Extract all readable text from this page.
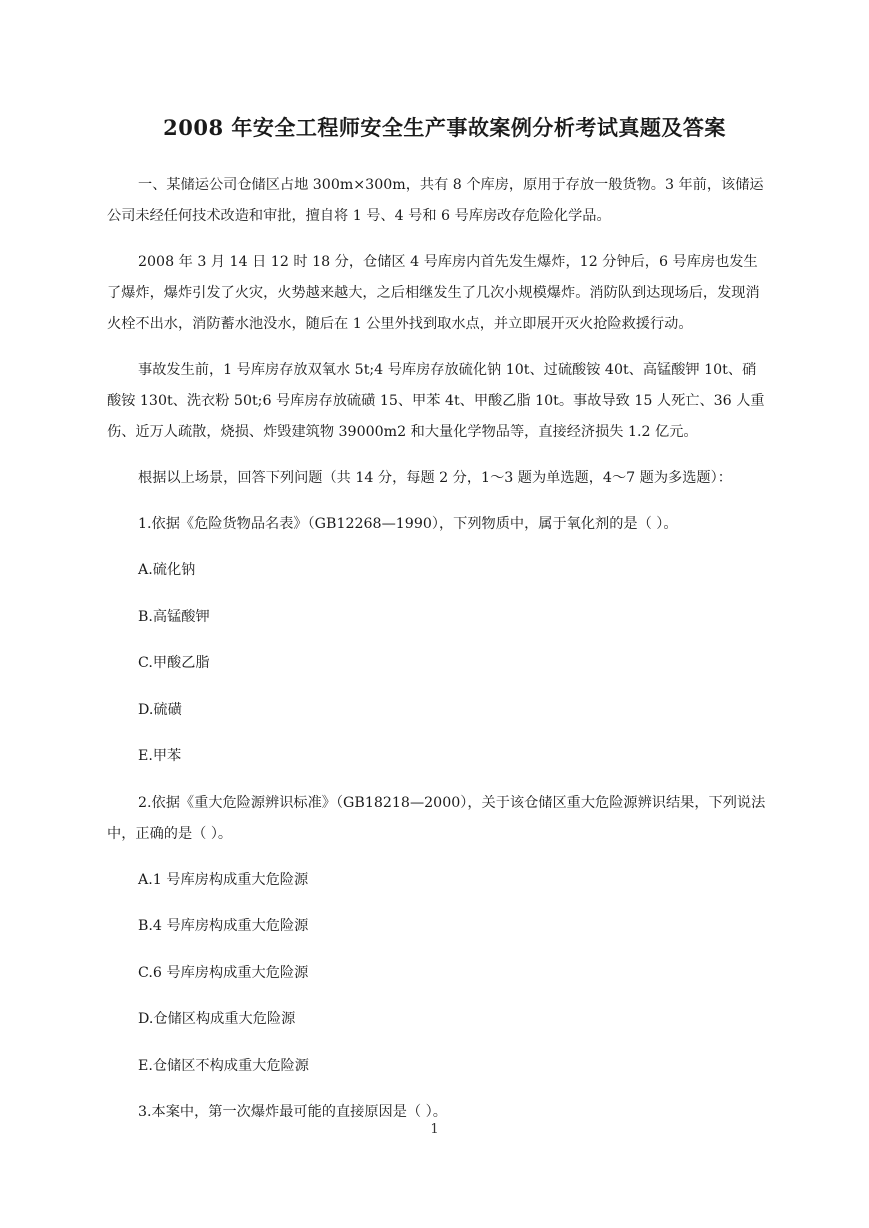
2008 年安全工程师安全生产事故案例分析考试真题及答案

一、某储运公司仓储区占地 300m×300m，共有 8 个库房，原用于存放一般货物。3 年前，该储运公司未经任何技术改造和审批，擅自将 1 号、4 号和 6 号库房改存危险化学品。

2008 年 3 月 14 日 12 时 18 分，仓储区 4 号库房内首先发生爆炸，12 分钟后，6 号库房也发生了爆炸，爆炸引发了火灾，火势越来越大，之后相继发生了几次小规模爆炸。消防队到达现场后，发现消火栓不出水，消防蓄水池没水，随后在 1 公里外找到取水点，并立即展开灭火抢险救援行动。

事故发生前，1 号库房存放双氧水 5t;4 号库房存放硫化钠 10t、过硫酸铵 40t、高锰酸钾 10t、硝酸铵 130t、洗衣粉 50t;6 号库房存放硫磺 15、甲苯 4t、甲酸乙脂 10t。事故导致 15 人死亡、36 人重伤、近万人疏散，烧损、炸毁建筑物 39000m2 和大量化学物品等，直接经济损失 1.2 亿元。

根据以上场景，回答下列问题（共 14 分，每题 2 分，1～3 题为单选题，4～7 题为多选题）：

1.依据《危险货物品名表》（GB12268—1990），下列物质中，属于氧化剂的是（ ）。

A.硫化钠

B.高锰酸钾

C.甲酸乙脂

D.硫磺

E.甲苯

2.依据《重大危险源辨识标准》（GB18218—2000），关于该仓储区重大危险源辨识结果，下列说法中，正确的是（ ）。

A.1 号库房构成重大危险源

B.4 号库房构成重大危险源

C.6 号库房构成重大危险源

D.仓储区构成重大危险源

E.仓储区不构成重大危险源

3.本案中，第一次爆炸最可能的直接原因是（ ）。

1
